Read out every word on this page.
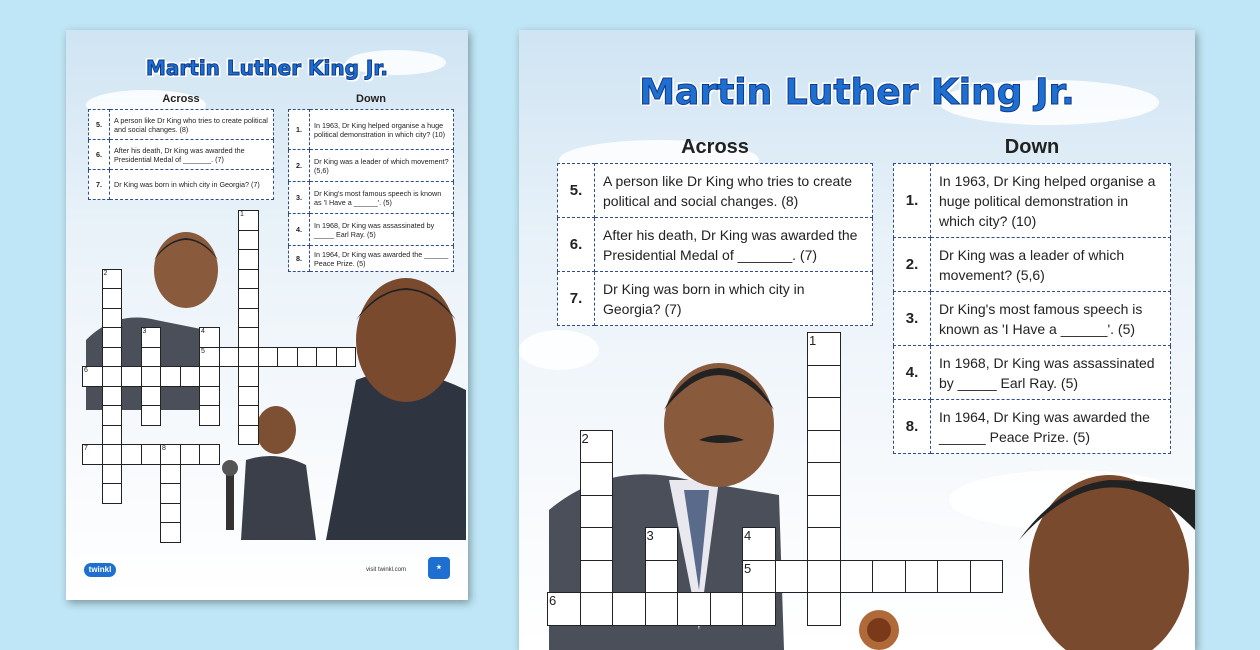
Martin Luther King Jr.
Across	Down
5.	A person like Dr King who tries to create political and social changes. (8)
6.	After his death, Dr King was awarded the Presidential Medal of _______. (7)
7.	Dr King was born in which city in Georgia? (7)
1.	In 1963, Dr King helped organise a huge political demonstration in which city? (10)
2.	Dr King was a leader of which movement? (5,6)
3.	Dr King's most famous speech is known as 'I Have a ______'. (5)
4.	In 1968, Dr King was assassinated by _____ Earl Ray. (5)
8.	In 1964, Dr King was awarded the ______ Peace Prize. (5)
twinkl	visit twinkl.com	★
1
2
3	4
5
6
7	8
Martin Luther King Jr.
Across	Down
5.	A person like Dr King who tries to create political and social changes. (8)
6.	After his death, Dr King was awarded the Presidential Medal of _______. (7)
7.	Dr King was born in which city in Georgia? (7)
1.	In 1963, Dr King helped organise a huge political demonstration in which city? (10)
2.	Dr King was a leader of which movement? (5,6)
3.	Dr King's most famous speech is known as 'I Have a ______'. (5)
4.	In 1968, Dr King was assassinated by _____ Earl Ray. (5)
8.	In 1964, Dr King was awarded the ______ Peace Prize. (5)
1
2
3	4
5
6
